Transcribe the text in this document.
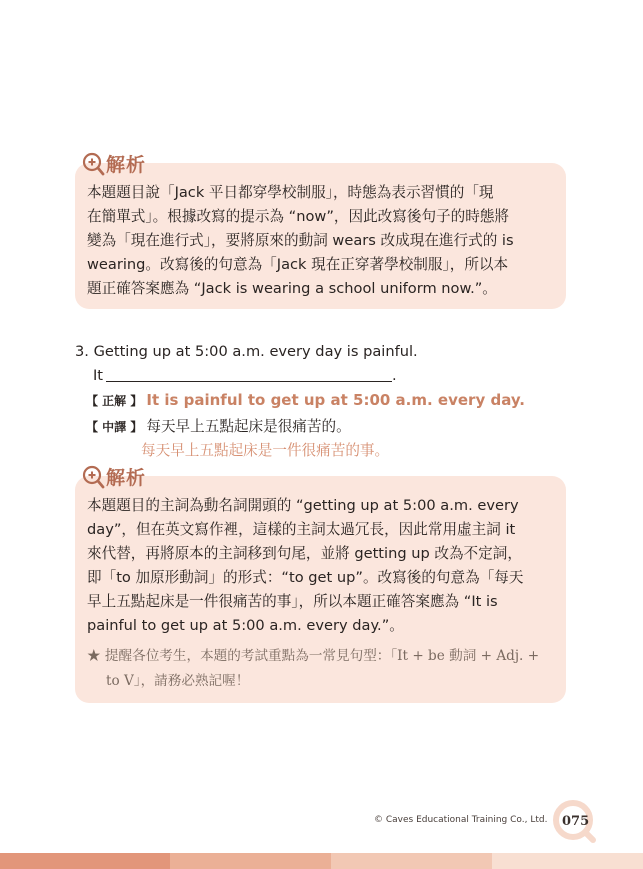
解析

本題題目說「Jack 平日都穿學校制服」，時態為表示習慣的「現
在簡單式」。根據改寫的提示為 “now”，因此改寫後句子的時態將
變為「現在進行式」，要將原來的動詞 wears 改成現在進行式的 is
wearing。改寫後的句意為「Jack 現在正穿著學校制服」，所以本
題正確答案應為 “Jack is wearing a school uniform now.”。

3. Getting up at 5:00 a.m. every day is painful.
It	.
【 正解 】 It is painful to get up at 5:00 a.m. every day.
【 中譯 】 每天早上五點起床是很痛苦的。
每天早上五點起床是一件很痛苦的事。
解析

本題題目的主詞為動名詞開頭的 “getting up at 5:00 a.m. every
day”，但在英文寫作裡，這樣的主詞太過冗長，因此常用虛主詞 it
來代替，再將原本的主詞移到句尾，並將 getting up 改為不定詞，
即「to 加原形動詞」的形式：“to get up”。改寫後的句意為「每天
早上五點起床是一件很痛苦的事」，所以本題正確答案應為 “It is
painful to get up at 5:00 a.m. every day.”。

★ 提醒各位考生，本題的考試重點為一常見句型：「It + be 動詞 + Adj. +
to V」，請務必熟記喔！
© Caves Educational Training Co., Ltd. 075
